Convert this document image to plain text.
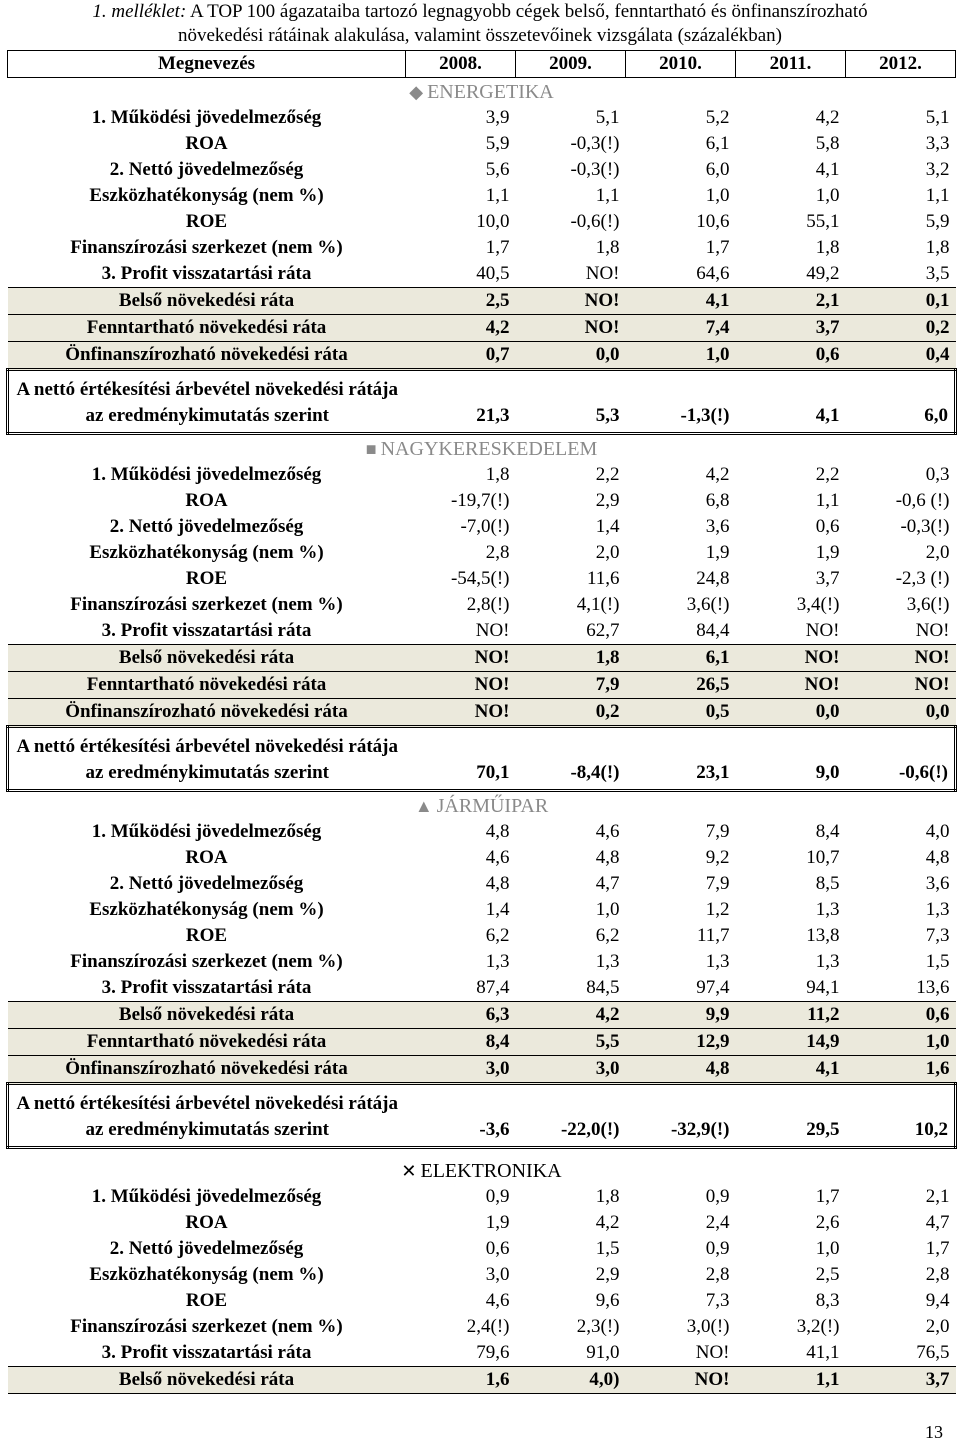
1. melléklet: A TOP 100 ágazataiba tartozó legnagyobb cégek belső, fenntartható és önfinanszírozható
növekedési rátáinak alakulása, valamint összetevőinek vizsgálata (százalékban)
Megnevezés	2008.	2009.	2010.	2011.	2012.
◆ ENERGETIKA					
1. Működési jövedelmezőség	3,9	5,1	5,2	4,2	5,1
ROA	5,9	-0,3(!)	6,1	5,8	3,3
2. Nettó jövedelmezőség	5,6	-0,3(!)	6,0	4,1	3,2
Eszközhatékonyság (nem %)	1,1	1,1	1,0	1,0	1,1
ROE	10,0	-0,6(!)	10,6	55,1	5,9
Finanszírozási szerkezet (nem %)	1,7	1,8	1,7	1,8	1,8
3. Profit visszatartási ráta	40,5	NO!	64,6	49,2	3,5
Belső növekedési ráta	2,5	NO!	4,1	2,1	0,1
Fenntartható növekedési ráta	4,2	NO!	7,4	3,7	0,2
Önfinanszírozható növekedési ráta	0,7	0,0	1,0	0,6	0,4
A nettó értékesítési árbevétel növekedési rátája az eredménykimutatás szerint	21,3	5,3	-1,3(!)	4,1	6,0
■ NAGYKERESKEDELEM					
1. Működési jövedelmezőség	1,8	2,2	4,2	2,2	0,3
ROA	-19,7(!)	2,9	6,8	1,1	-0,6 (!)
2. Nettó jövedelmezőség	-7,0(!)	1,4	3,6	0,6	-0,3(!)
Eszközhatékonyság (nem %)	2,8	2,0	1,9	1,9	2,0
ROE	-54,5(!)	11,6	24,8	3,7	-2,3 (!)
Finanszírozási szerkezet (nem %)	2,8(!)	4,1(!)	3,6(!)	3,4(!)	3,6(!)
3. Profit visszatartási ráta	NO!	62,7	84,4	NO!	NO!
Belső növekedési ráta	NO!	1,8	6,1	NO!	NO!
Fenntartható növekedési ráta	NO!	7,9	26,5	NO!	NO!
Önfinanszírozható növekedési ráta	NO!	0,2	0,5	0,0	0,0
A nettó értékesítési árbevétel növekedési rátája az eredménykimutatás szerint	70,1	-8,4(!)	23,1	9,0	-0,6(!)
▲ JÁRMŰIPAR					
1. Működési jövedelmezőség	4,8	4,6	7,9	8,4	4,0
ROA	4,6	4,8	9,2	10,7	4,8
2. Nettó jövedelmezőség	4,8	4,7	7,9	8,5	3,6
Eszközhatékonyság (nem %)	1,4	1,0	1,2	1,3	1,3
ROE	6,2	6,2	11,7	13,8	7,3
Finanszírozási szerkezet (nem %)	1,3	1,3	1,3	1,3	1,5
3. Profit visszatartási ráta	87,4	84,5	97,4	94,1	13,6
Belső növekedési ráta	6,3	4,2	9,9	11,2	0,6
Fenntartható növekedési ráta	8,4	5,5	12,9	14,9	1,0
Önfinanszírozható növekedési ráta	3,0	3,0	4,8	4,1	1,6
A nettó értékesítési árbevétel növekedési rátája az eredménykimutatás szerint	-3,6	-22,0(!)	-32,9(!)	29,5	10,2

✕ ELEKTRONIKA					
1. Működési jövedelmezőség	0,9	1,8	0,9	1,7	2,1
ROA	1,9	4,2	2,4	2,6	4,7
2. Nettó jövedelmezőség	0,6	1,5	0,9	1,0	1,7
Eszközhatékonyság (nem %)	3,0	2,9	2,8	2,5	2,8
ROE	4,6	9,6	7,3	8,3	9,4
Finanszírozási szerkezet (nem %)	2,4(!)	2,3(!)	3,0(!)	3,2(!)	2,0
3. Profit visszatartási ráta	79,6	91,0	NO!	41,1	76,5
Belső növekedési ráta	1,6	4,0)	NO!	1,1	3,7
13
